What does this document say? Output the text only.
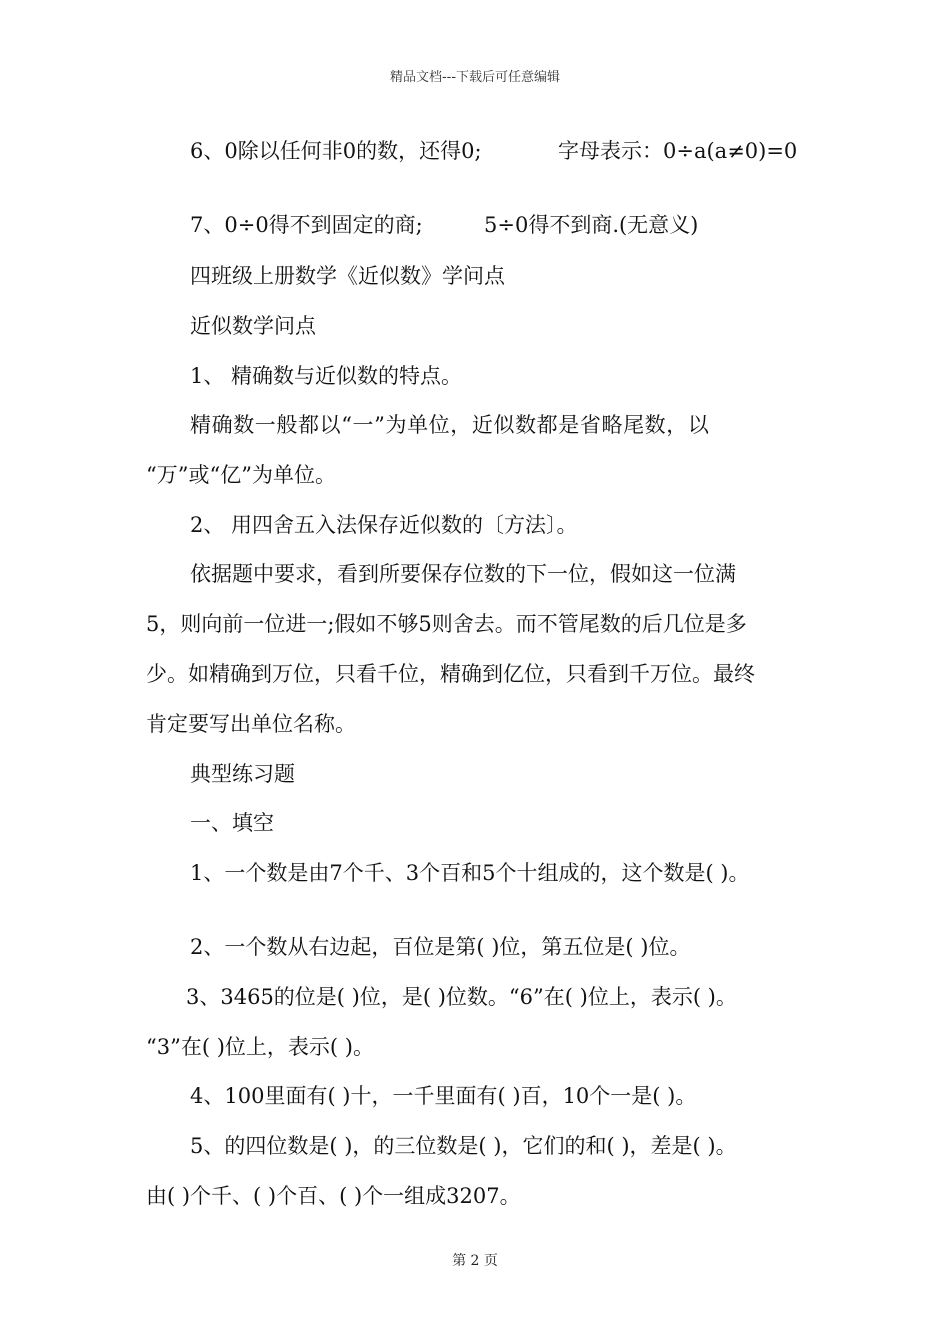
精品文档---下载后可任意编辑
6、0除以任何非0的数，还得0;	字母表示：0÷a(a≠0)=0
7、0÷0得不到固定的商;	5÷0得不到商.(无意义)
四班级上册数学《近似数》学问点
近似数学问点
1、 精确数与近似数的特点。
精确数一般都以“一”为单位，近似数都是省略尾数，以
“万”或“亿”为单位。
2、 用四舍五入法保存近似数的〔方法〕。
依据题中要求，看到所要保存位数的下一位，假如这一位满
5，则向前一位进一;假如不够5则舍去。而不管尾数的后几位是多
少。如精确到万位，只看千位，精确到亿位，只看到千万位。最终
肯定要写出单位名称。
典型练习题
一、填空
1、一个数是由7个千、3个百和5个十组成的，这个数是( )。
2、一个数从右边起，百位是第( )位，第五位是( )位。
3、3465的位是( )位，是( )位数。“6”在( )位上，表示( )。
“3”在( )位上，表示( )。
4、100里面有( )十，一千里面有( )百，10个一是( )。
5、的四位数是( )，的三位数是( )，它们的和( )，差是( )。
由( )个千、( )个百、( )个一组成3207。
第 2 页
